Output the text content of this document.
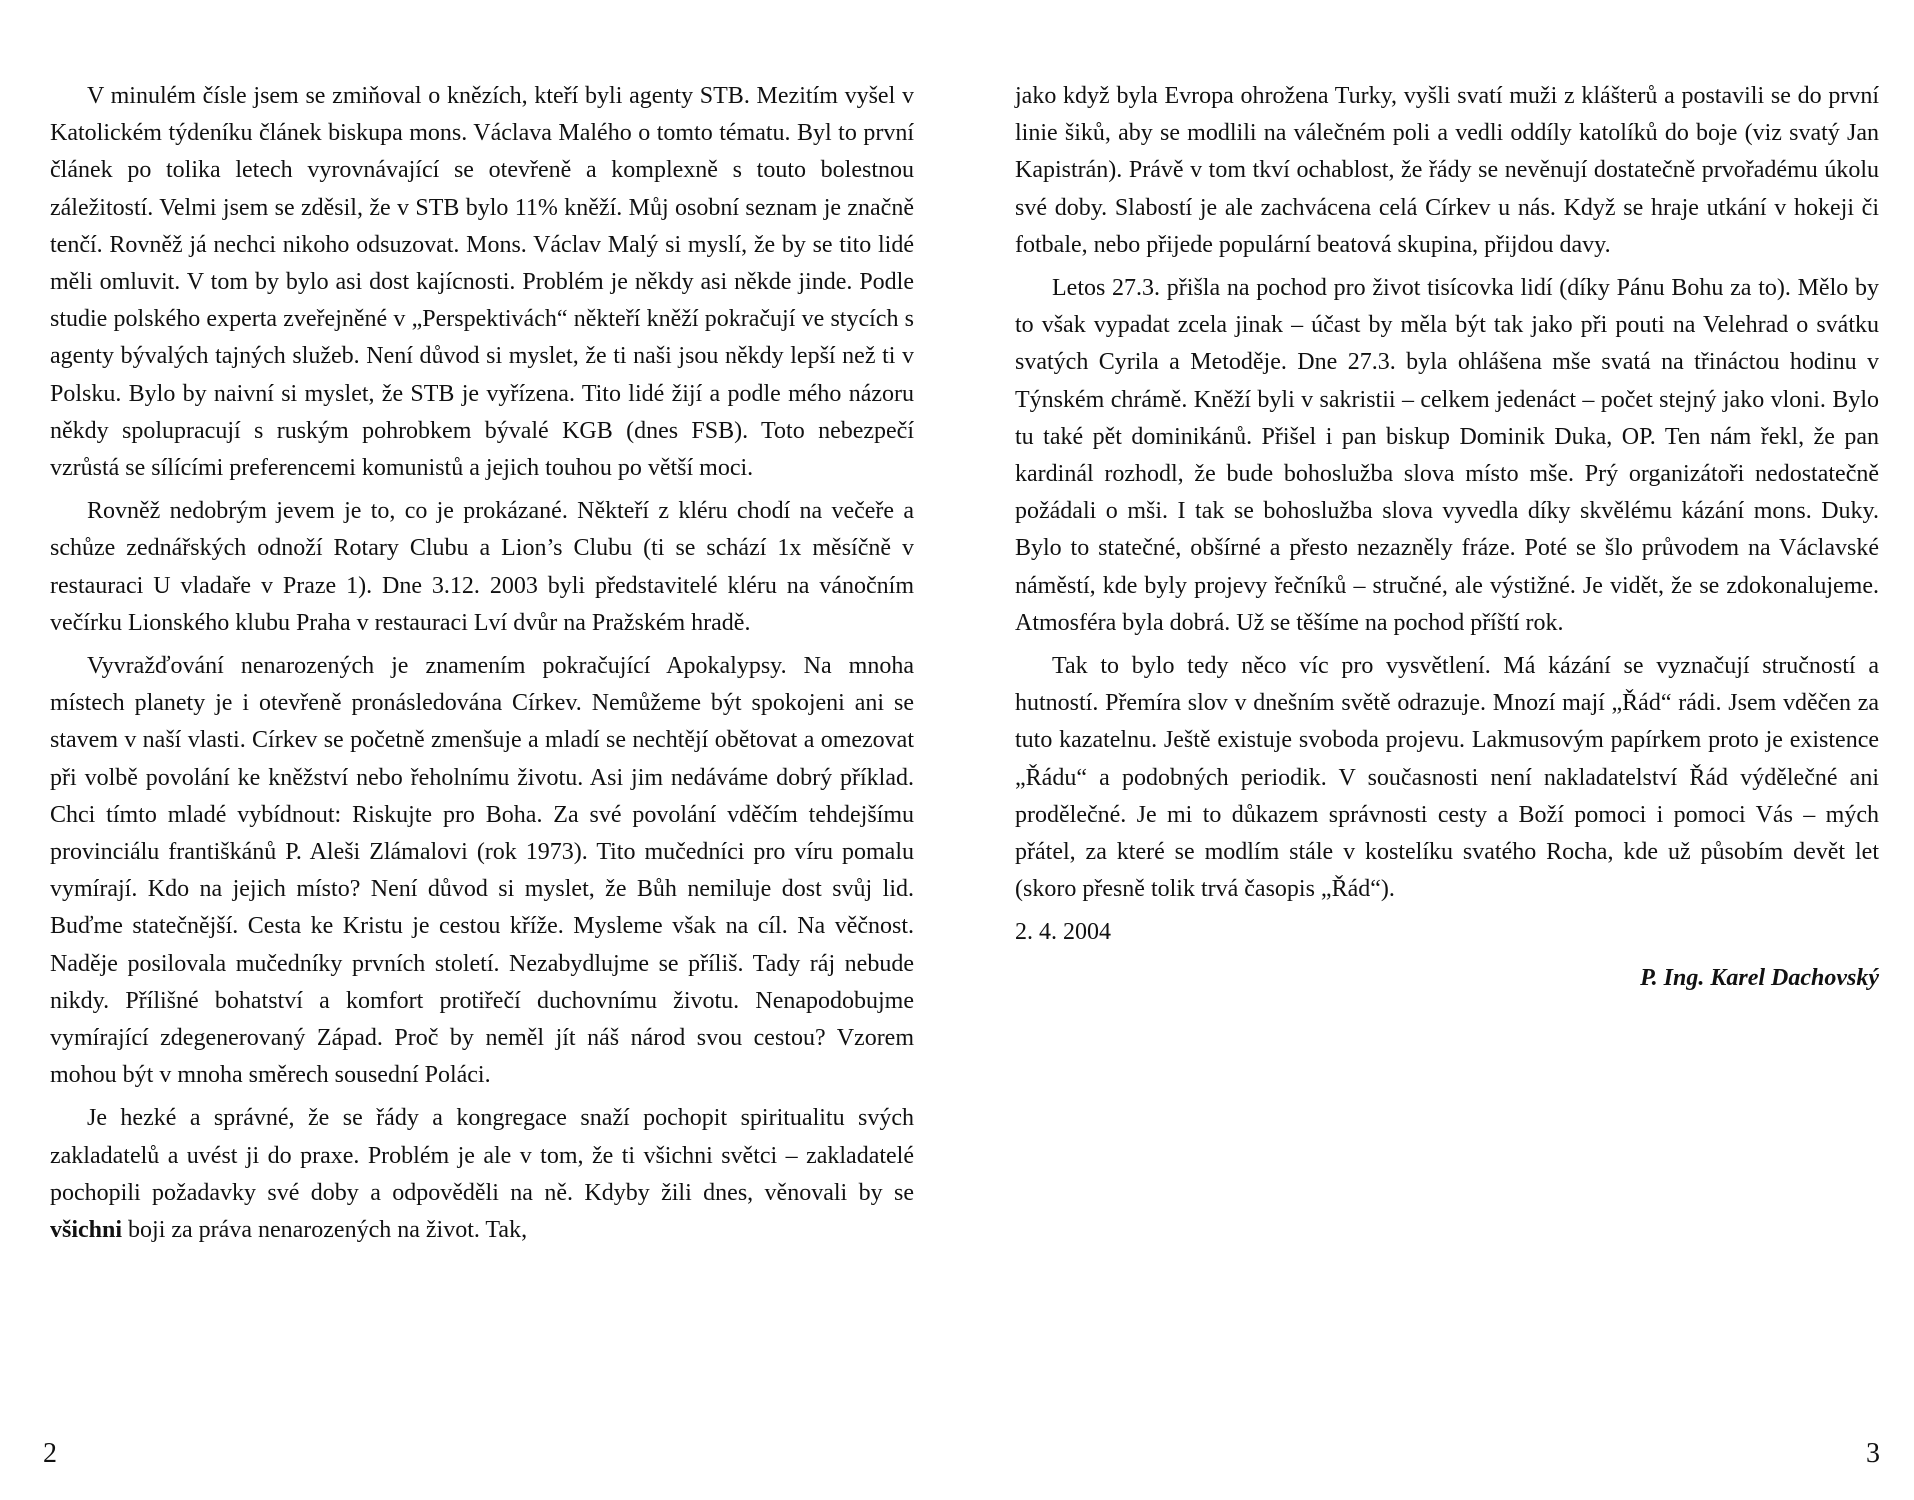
V minulém čísle jsem se zmiňoval o knězích, kteří byli agenty STB. Mezitím vyšel v Katolickém týdeníku článek biskupa mons. Václava Malého o tomto tématu. Byl to první článek po tolika letech vyrovnávající se otevřeně a komplexně s touto bolestnou záležitostí. Velmi jsem se zděsil, že v STB bylo 11% kněží. Můj osobní seznam je značně tenčí. Rovněž já nechci nikoho odsuzovat. Mons. Václav Malý si myslí, že by se tito lidé měli omluvit. V tom by bylo asi dost kajícnosti. Problém je někdy asi někde jinde. Podle studie polského experta zveřejněné v „Perspektivách“ někteří kněží pokračují ve stycích s agenty bývalých tajných služeb. Není důvod si myslet, že ti naši jsou někdy lepší než ti v Polsku. Bylo by naivní si myslet, že STB je vyřízena. Tito lidé žijí a podle mého názoru někdy spolupracují s ruským pohrobkem bývalé KGB (dnes FSB). Toto nebezpečí vzrůstá se sílícími preferencemi komunistů a jejich touhou po větší moci.

Rovněž nedobrým jevem je to, co je prokázané. Někteří z kléru chodí na večeře a schůze zednářských odnoží Rotary Clubu a Lion’s Clubu (ti se schází 1x měsíčně v restauraci U vladaře v Praze 1). Dne 3.12. 2003 byli představitelé kléru na vánočním večírku Lionského klubu Praha v restauraci Lví dvůr na Pražském hradě.

Vyvražďování nenarozených je znamením pokračující Apokalypsy. Na mnoha místech planety je i otevřeně pronásledována Církev. Nemůžeme být spokojeni ani se stavem v naší vlasti. Církev se početně zmenšuje a mladí se nechtějí obětovat a omezovat při volbě povolání ke kněžství nebo řeholnímu životu. Asi jim nedáváme dobrý příklad. Chci tímto mladé vybídnout: Riskujte pro Boha. Za své povolání vděčím tehdejšímu provinciálu františkánů P. Aleši Zlámalovi (rok 1973). Tito mučedníci pro víru pomalu vymírají. Kdo na jejich místo? Není důvod si myslet, že Bůh nemiluje dost svůj lid. Buďme statečnější. Cesta ke Kristu je cestou kříže. Mysleme však na cíl. Na věčnost. Naděje posilovala mučedníky prvních století. Nezabydlujme se příliš. Tady ráj nebude nikdy. Přílišné bohatství a komfort protiřečí duchovnímu životu. Nenapodobujme vymírající zdegenerovaný Západ. Proč by neměl jít náš národ svou cestou? Vzorem mohou být v mnoha směrech sousední Poláci.

Je hezké a správné, že se řády a kongregace snaží pochopit spiritualitu svých zakladatelů a uvést ji do praxe. Problém je ale v tom, že ti všichni světci – zakladatelé pochopili požadavky své doby a odpověděli na ně. Kdyby žili dnes, věnovali by se všichni boji za práva nenarozených na život. Tak,

2

jako když byla Evropa ohrožena Turky, vyšli svatí muži z klášterů a postavili se do první linie šiků, aby se modlili na válečném poli a vedli oddíly katolíků do boje (viz svatý Jan Kapistrán). Právě v tom tkví ochablost, že řády se nevěnují dostatečně prvořadému úkolu své doby. Slabostí je ale zachvácena celá Církev u nás. Když se hraje utkání v hokeji či fotbale, nebo přijede populární beatová skupina, přijdou davy.

Letos 27.3. přišla na pochod pro život tisícovka lidí (díky Pánu Bohu za to). Mělo by to však vypadat zcela jinak – účast by měla být tak jako při pouti na Velehrad o svátku svatých Cyrila a Metoděje. Dne 27.3. byla ohlášena mše svatá na třináctou hodinu v Týnském chrámě. Kněží byli v sakristii – celkem jedenáct – počet stejný jako vloni. Bylo tu také pět dominikánů. Přišel i pan biskup Dominik Duka, OP. Ten nám řekl, že pan kardinál rozhodl, že bude bohoslužba slova místo mše. Prý organizátoři nedostatečně požádali o mši. I tak se bohoslužba slova vyvedla díky skvělému kázání mons. Duky. Bylo to statečné, obšírné a přesto nezazněly fráze. Poté se šlo průvodem na Václavské náměstí, kde byly projevy řečníků – stručné, ale výstižné. Je vidět, že se zdokonalujeme. Atmosféra byla dobrá. Už se těšíme na pochod příští rok.

Tak to bylo tedy něco víc pro vysvětlení. Má kázání se vyznačují stručností a hutností. Přemíra slov v dnešním světě odrazuje. Mnozí mají „Řád“ rádi. Jsem vděčen za tuto kazatelnu. Ještě existuje svoboda projevu. Lakmusovým papírkem proto je existence „Řádu“ a podobných periodik. V současnosti není nakladatelství Řád výdělečné ani prodělečné. Je mi to důkazem správnosti cesty a Boží pomoci i pomoci Vás – mých přátel, za které se modlím stále v kostelíku svatého Rocha, kde už působím devět let (skoro přesně tolik trvá časopis „Řád“).

2. 4. 2004

P. Ing. Karel Dachovský

3
